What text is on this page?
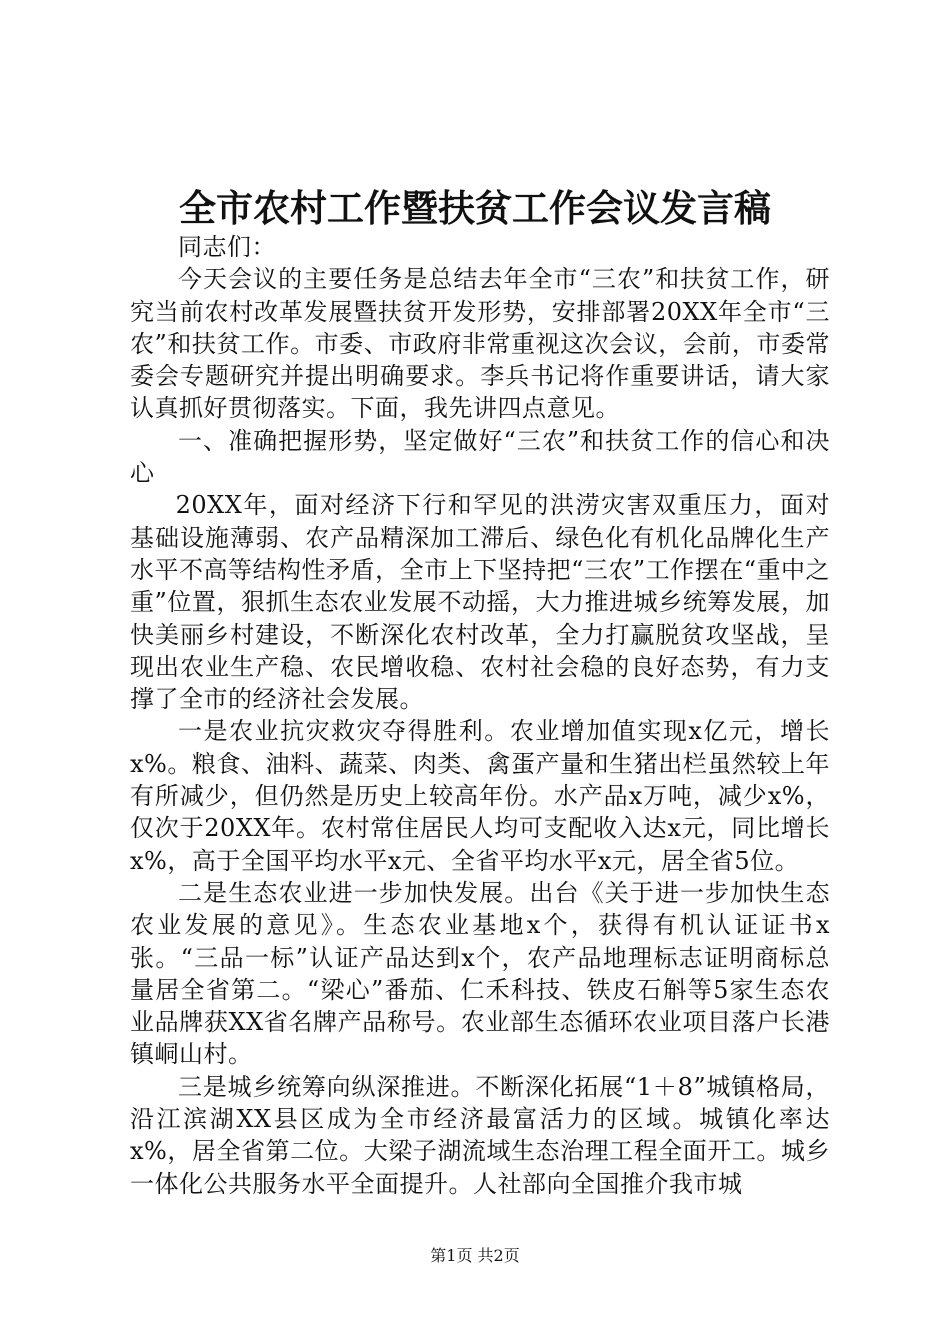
全市农村工作暨扶贫工作会议发言稿

同志们：

今天会议的主要任务是总结去年全市“三农”和扶贫工作，研究当前农村改革发展暨扶贫开发形势，安排部署20XX年全市“三农”和扶贫工作。市委、市政府非常重视这次会议，会前，市委常委会专题研究并提出明确要求。李兵书记将作重要讲话，请大家认真抓好贯彻落实。下面，我先讲四点意见。

一、准确把握形势，坚定做好“三农”和扶贫工作的信心和决心

20XX年，面对经济下行和罕见的洪涝灾害双重压力，面对基础设施薄弱、农产品精深加工滞后、绿色化有机化品牌化生产水平不高等结构性矛盾，全市上下坚持把“三农”工作摆在“重中之重”位置，狠抓生态农业发展不动摇，大力推进城乡统筹发展，加快美丽乡村建设，不断深化农村改革，全力打赢脱贫攻坚战，呈现出农业生产稳、农民增收稳、农村社会稳的良好态势，有力支撑了全市的经济社会发展。

一是农业抗灾救灾夺得胜利。农业增加值实现x亿元，增长x%。粮食、油料、蔬菜、肉类、禽蛋产量和生猪出栏虽然较上年有所减少，但仍然是历史上较高年份。水产品x万吨，减少x%，仅次于20XX年。农村常住居民人均可支配收入达x元，同比增长x%，高于全国平均水平x元、全省平均水平x元，居全省5位。

二是生态农业进一步加快发展。出台《关于进一步加快生态农业发展的意见》。生态农业基地x个，获得有机认证证书x张。“三品一标”认证产品达到x个，农产品地理标志证明商标总量居全省第二。“梁心”番茄、仁禾科技、铁皮石斛等5家生态农业品牌获XX省名牌产品称号。农业部生态循环农业项目落户长港镇峒山村。

三是城乡统筹向纵深推进。不断深化拓展“1＋8”城镇格局，沿江滨湖XX县区成为全市经济最富活力的区域。城镇化率达x%，居全省第二位。大梁子湖流域生态治理工程全面开工。城乡一体化公共服务水平全面提升。人社部向全国推介我市城

第1页 共2页
